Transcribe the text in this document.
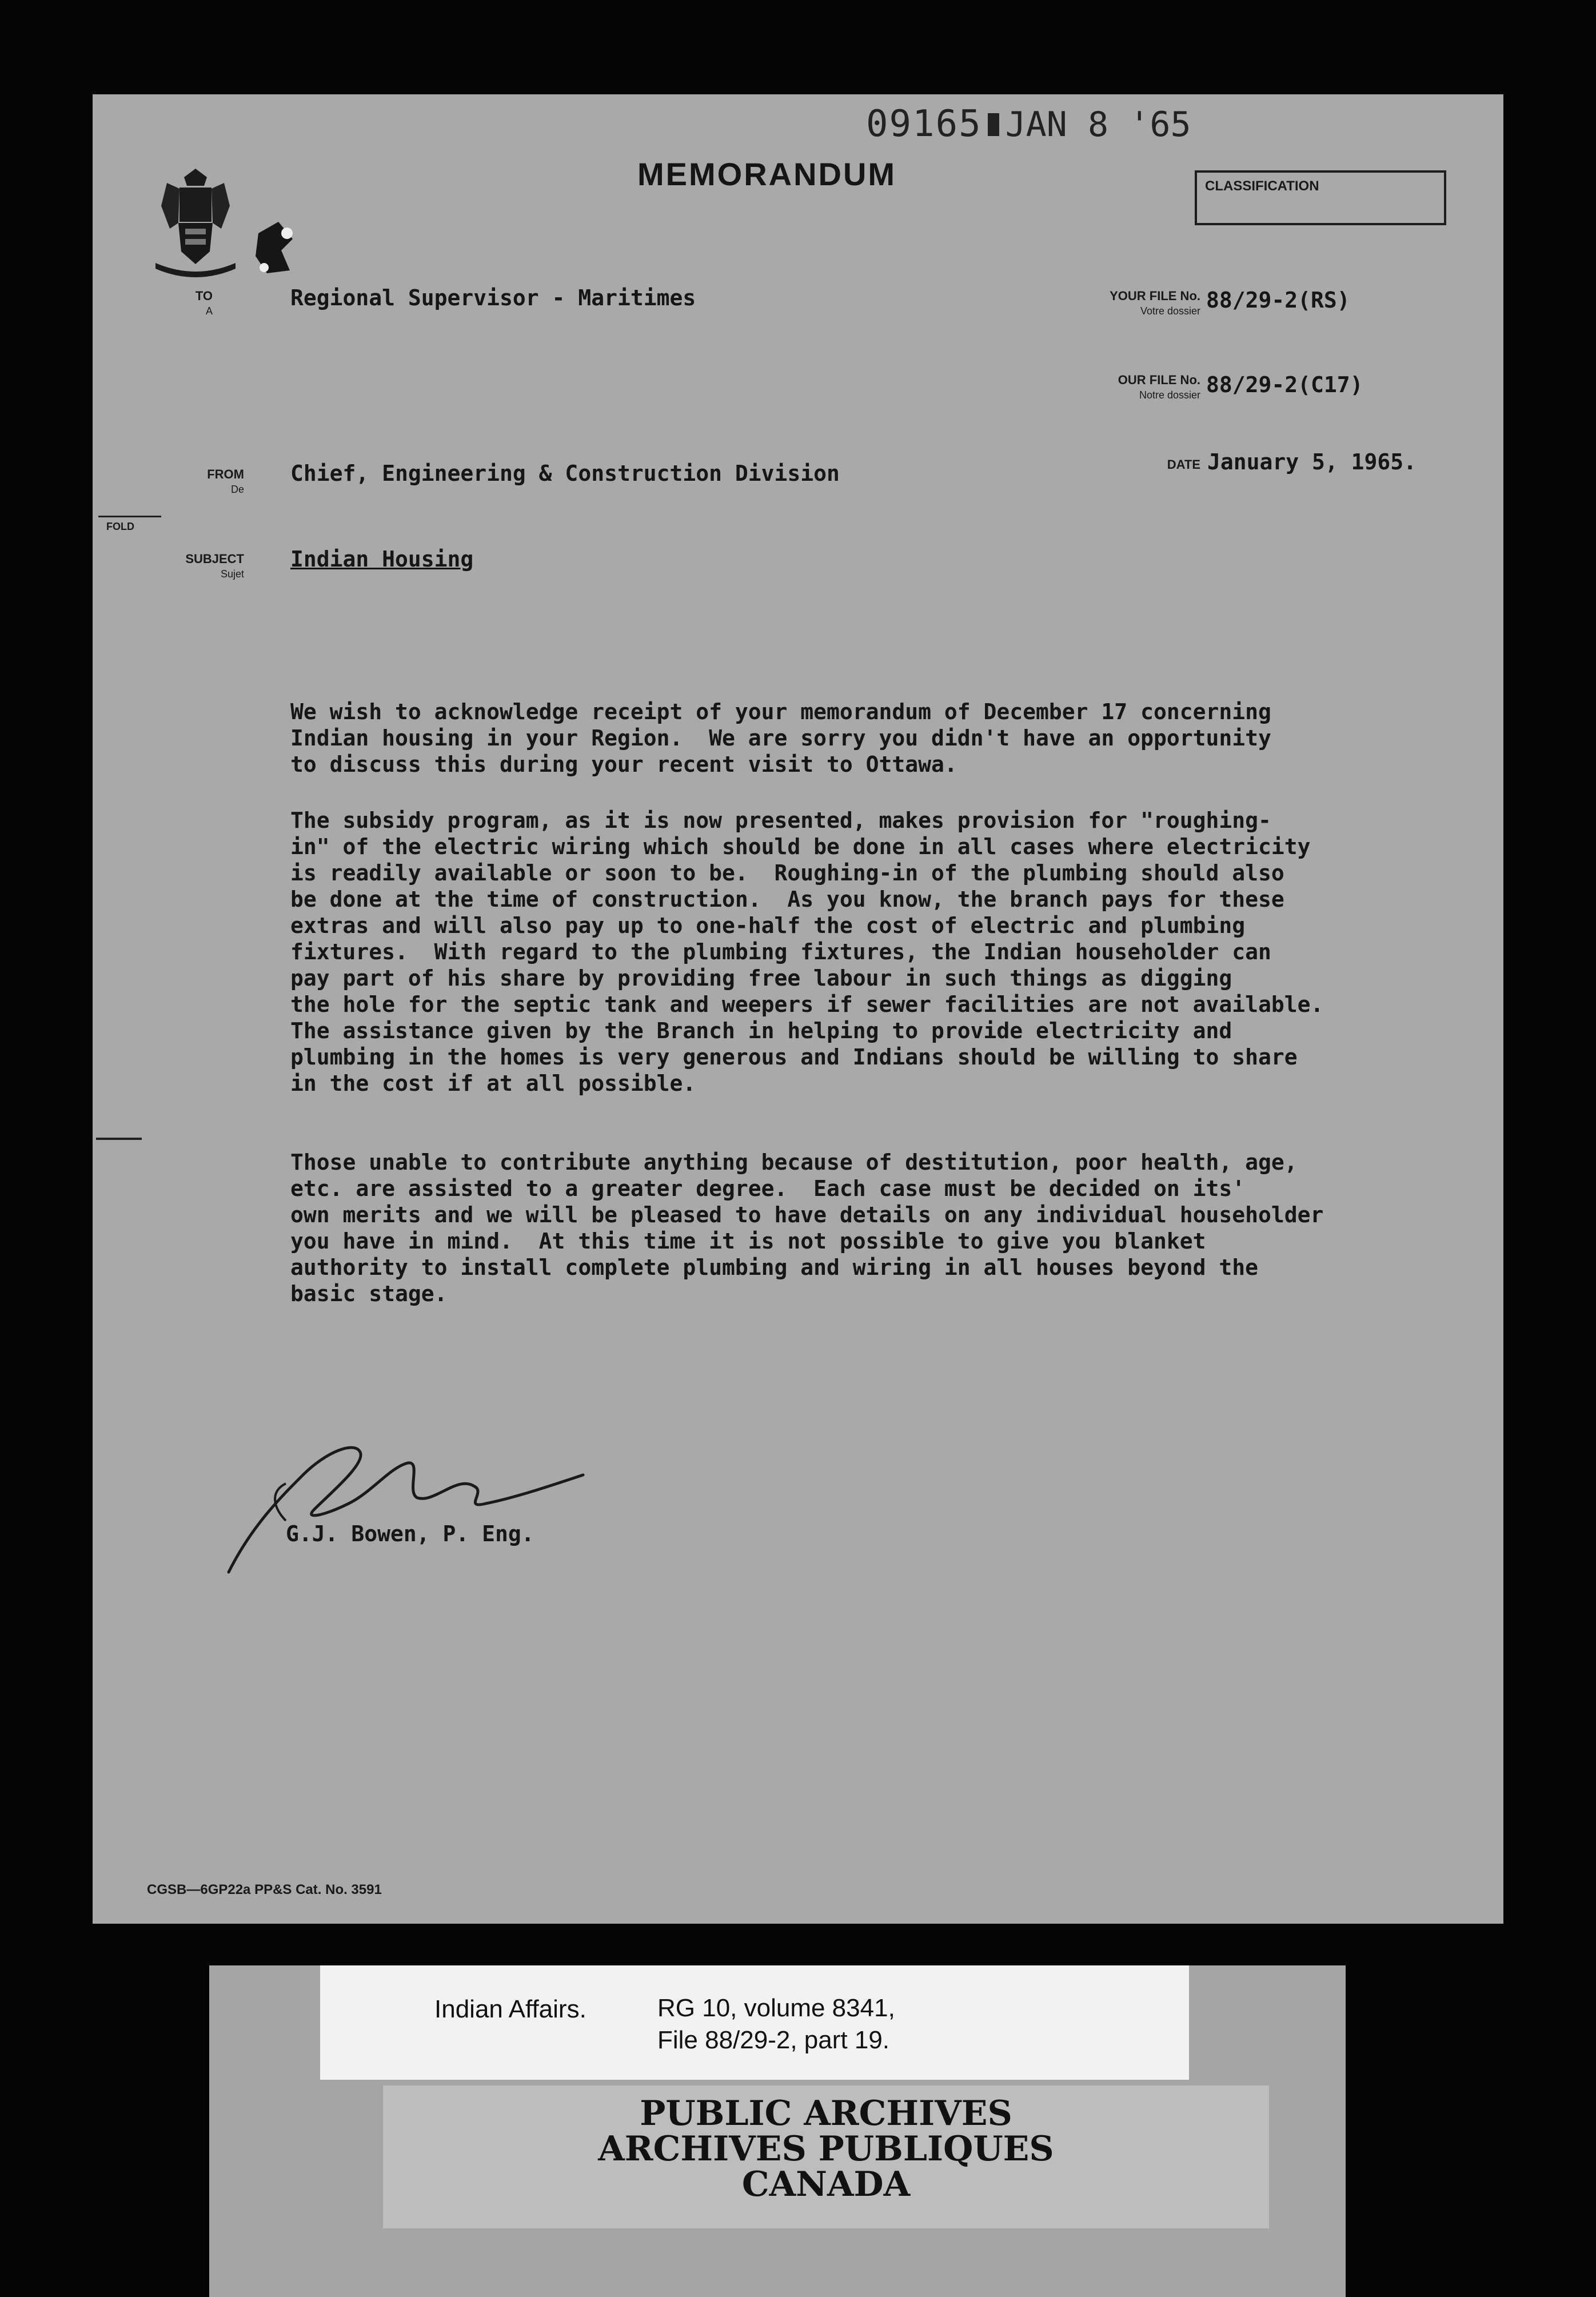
09165 JAN 8 '65
MEMORANDUM	CLASSIFICATION
TO
A
Regional Supervisor - Maritimes	YOUR FILE No.
Votre dossier 88/29-2(RS)
OUR FILE No.
Notre dossier 88/29-2(C17)
FROM
De
Chief, Engineering & Construction Division	DATE January 5, 1965.
FOLD
SUBJECT
Sujet
Indian Housing
We wish to acknowledge receipt of your memorandum of December 17 concerning
Indian housing in your Region.  We are sorry you didn't have an opportunity
to discuss this during your recent visit to Ottawa.
The subsidy program, as it is now presented, makes provision for "roughing-
in" of the electric wiring which should be done in all cases where electricity
is readily available or soon to be.  Roughing-in of the plumbing should also
be done at the time of construction.  As you know, the branch pays for these
extras and will also pay up to one-half the cost of electric and plumbing
fixtures.  With regard to the plumbing fixtures, the Indian householder can
pay part of his share by providing free labour in such things as digging
the hole for the septic tank and weepers if sewer facilities are not available.
The assistance given by the Branch in helping to provide electricity and
plumbing in the homes is very generous and Indians should be willing to share
in the cost if at all possible.
Those unable to contribute anything because of destitution, poor health, age,
etc. are assisted to a greater degree.  Each case must be decided on its'
own merits and we will be pleased to have details on any individual householder
you have in mind.  At this time it is not possible to give you blanket
authority to install complete plumbing and wiring in all houses beyond the
basic stage.
G.J. Bowen, P. Eng.
CGSB—6GP22a PP&S Cat. No. 3591
Indian Affairs.	RG 10, volume 8341,
File 88/29-2, part 19.
PUBLIC ARCHIVES
ARCHIVES PUBLIQUES
CANADA
